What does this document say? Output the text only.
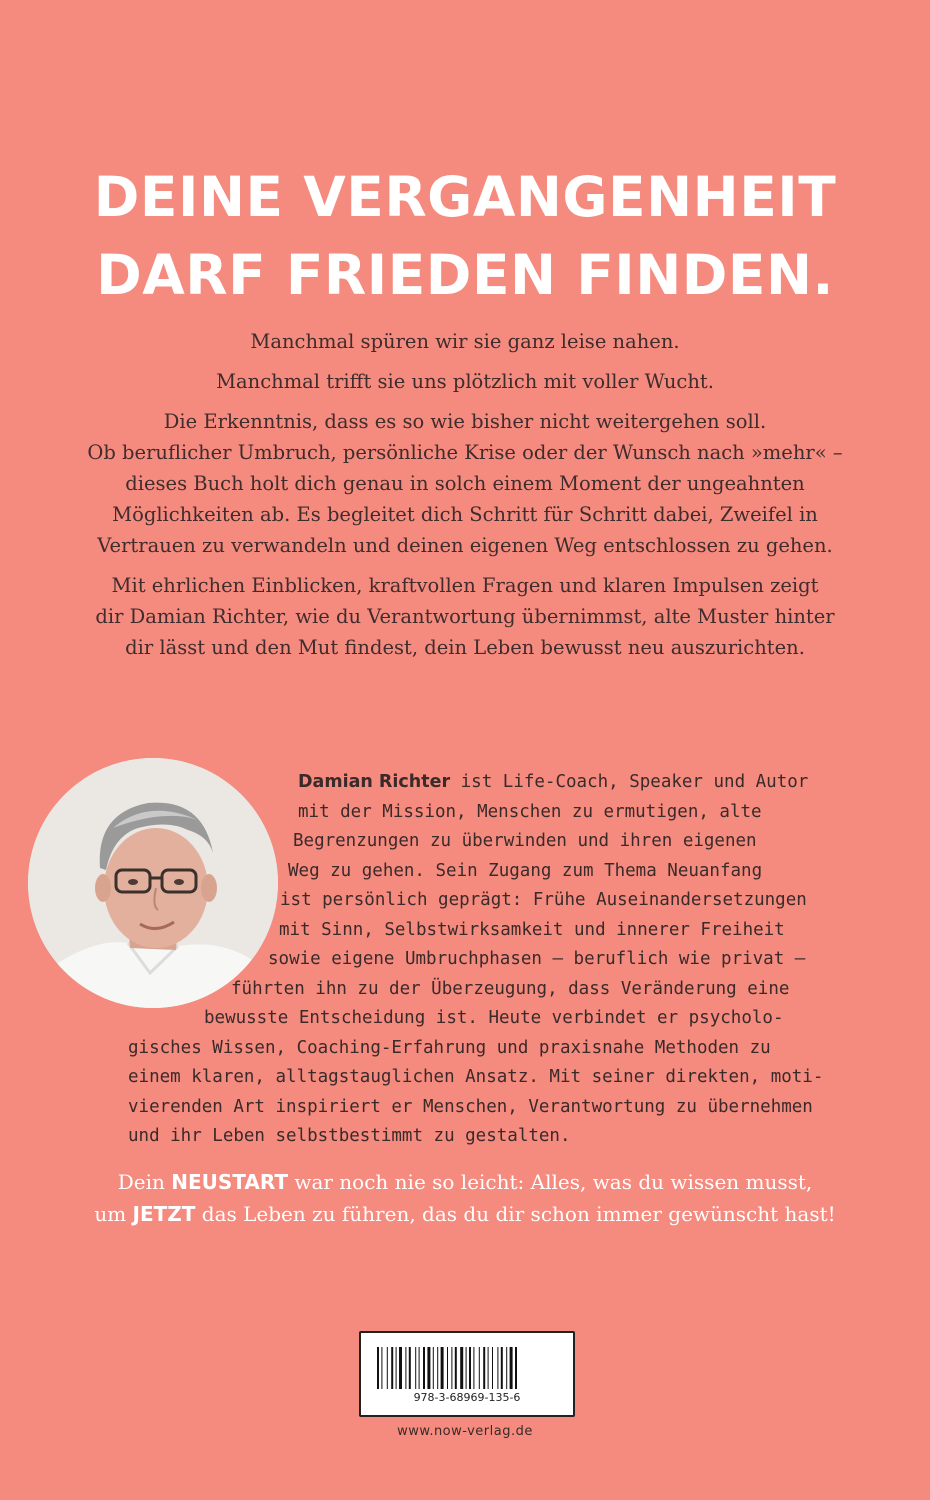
DEINE VERGANGENHEIT
DARF FRIEDEN FINDEN.

Manchmal spüren wir sie ganz leise nahen.

Manchmal trifft sie uns plötzlich mit voller Wucht.

Die Erkenntnis, dass es so wie bisher nicht weitergehen soll.
Ob beruflicher Umbruch, persönliche Krise oder der Wunsch nach »mehr« –
dieses Buch holt dich genau in solch einem Moment der ungeahnten
Möglichkeiten ab. Es begleitet dich Schritt für Schritt dabei, Zweifel in
Vertrauen zu verwandeln und deinen eigenen Weg entschlossen zu gehen.

Mit ehrlichen Einblicken, kraftvollen Fragen und klaren Impulsen zeigt
dir Damian Richter, wie du Verantwortung übernimmst, alte Muster hinter
dir lässt und den Mut findest, dein Leben bewusst neu auszurichten.

Damian Richter ist Life-Coach, Speaker und Autor
mit der Mission, Menschen zu ermutigen, alte
Begrenzungen zu überwinden und ihren eigenen
Weg zu gehen. Sein Zugang zum Thema Neuanfang
ist persönlich geprägt: Frühe Auseinandersetzungen
mit Sinn, Selbstwirksamkeit und innerer Freiheit
sowie eigene Umbruchphasen – beruflich wie privat –
führten ihn zu der Überzeugung, dass Veränderung eine
bewusste Entscheidung ist. Heute verbindet er psycholo-
gisches Wissen, Coaching-Erfahrung und praxisnahe Methoden zu
einem klaren, alltagstauglichen Ansatz. Mit seiner direkten, moti-
vierenden Art inspiriert er Menschen, Verantwortung zu übernehmen
und ihr Leben selbstbestimmt zu gestalten.
Dein NEUSTART war noch nie so leicht: Alles, was du wissen musst,
um JETZT das Leben zu führen, das du dir schon immer gewünscht hast!
978-3-68969-135-6
www.now-verlag.de
